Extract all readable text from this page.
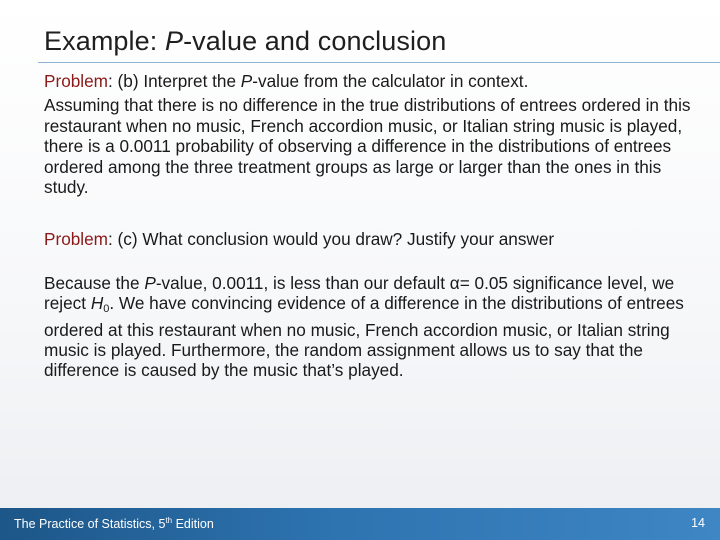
Example: P-value and conclusion

Problem: (b) Interpret the P-value from the calculator in context.

Assuming that there is no difference in the true distributions of entrees ordered in this restaurant when no music, French accordion music, or Italian string music is played, there is a 0.0011 probability of observing a difference in the distributions of entrees ordered among the three treatment groups as large or larger than the ones in this study.

Problem: (c) What conclusion would you draw? Justify your answer

Because the P-value, 0.0011, is less than our default α= 0.05 significance level, we reject $H_0$. We have convincing evidence of a difference in the distributions of entrees ordered at this restaurant when no music, French accordion music, or Italian string music is played. Furthermore, the random assignment allows us to say that the difference is caused by the music that’s played.

The Practice of Statistics, 5th Edition	14
